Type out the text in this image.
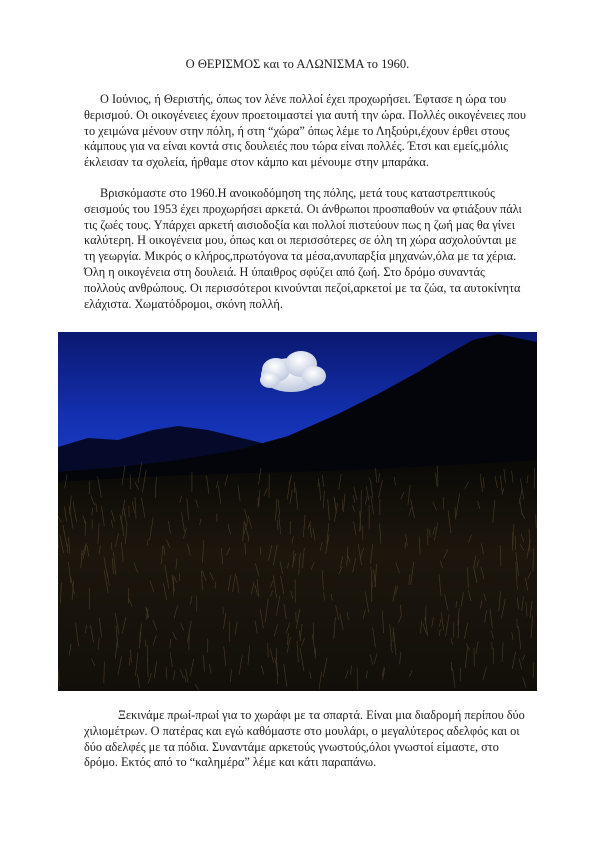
Ο ΘΕΡΙΣΜΟΣ και το ΑΛΩΝΙΣΜΑ το 1960.

Ο Ιούνιος, ή Θεριστής, όπως τον λένε πολλοί έχει προχωρήσει. Έφτασε η ώρα του θερισμού. Οι οικογένειες έχουν προετοιμαστεί για αυτή την ώρα. Πολλές οικογένειες που το χειμώνα μένουν στην πόλη, ή στη “χώρα” όπως λέμε το Ληξούρι,έχουν έρθει στους κάμπους για να είναι κοντά στις δουλειές που τώρα είναι πολλές. Έτσι και εμείς,μόλις έκλεισαν τα σχολεία, ήρθαμε στον κάμπο και μένουμε στην μπαράκα.

Βρισκόμαστε στο 1960.Η ανοικοδόμηση της πόλης, μετά τους καταστρεπτικούς σεισμούς του 1953 έχει προχωρήσει αρκετά. Οι άνθρωποι προσπαθούν να φτιάξουν πάλι τις ζωές τους. Υπάρχει αρκετή αισιοδοξία και πολλοί πιστεύουν πως η ζωή μας θα γίνει καλύτερη. Η οικογένεια μου, όπως και οι περισσότερες σε όλη τη χώρα ασχολούνται με τη γεωργία. Μικρός ο κλήρος,πρωτόγονα τα μέσα,ανυπαρξία μηχανών,όλα με τα χέρια. Όλη η οικογένεια στη δουλειά. Η ύπαιθρος σφύζει από ζωή. Στο δρόμο συναντάς πολλούς ανθρώπους. Οι περισσότεροι κινούνται πεζοί,αρκετοί με τα ζώα, τα αυτοκίνητα ελάχιστα. Χωματόδρομοι, σκόνη πολλή.

Ξεκινάμε πρωί-πρωί για το χωράφι με τα σπαρτά. Είναι μια διαδρομή περίπου δύο χιλιομέτρων. Ο πατέρας και εγώ καθόμαστε στο μουλάρι, ο μεγαλύτερος αδελφός και οι δύο αδελφές με τα πόδια. Συναντάμε αρκετούς γνωστούς,όλοι γνωστοί είμαστε, στο δρόμο. Εκτός από το “καλημέρα” λέμε και κάτι παραπάνω.
